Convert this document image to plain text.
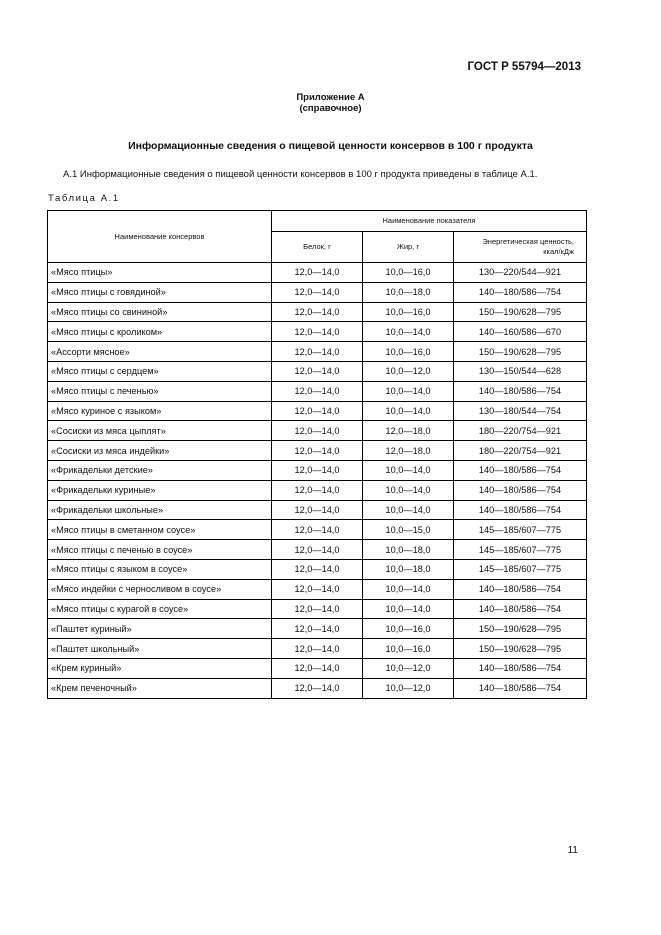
ГОСТ Р 55794—2013
Приложение А
(справочное)
Информационные сведения о пищевой ценности консервов в 100 г продукта
А.1 Информационные сведения о пищевой ценности консервов в 100 г продукта приведены в таблице А.1.
Таблица А.1
Наименование консервов	Наименование показателя		
	Белок, г	Жир, г	Энергетическая ценность,
ккал/кДж
«Мясо птицы»	12,0—14,0	10,0—16,0	130—220/544—921
«Мясо птицы с говядиной»	12,0—14,0	10,0—18,0	140—180/586—754
«Мясо птицы со свининой»	12,0—14,0	10,0—16,0	150—190/628—795
«Мясо птицы с кроликом»	12,0—14,0	10,0—14,0	140—160/586—670
«Ассорти мясное»	12,0—14,0	10,0—16,0	150—190/628—795
«Мясо птицы с сердцем»	12,0—14,0	10,0—12,0	130—150/544—628
«Мясо птицы с печенью»	12,0—14,0	10,0—14,0	140—180/586—754
«Мясо куриное с языком»	12,0—14,0	10,0—14,0	130—180/544—754
«Сосиски из мяса цыплят»	12,0—14,0	12,0—18,0	180—220/754—921
«Сосиски из мяса индейки»	12,0—14,0	12,0—18,0	180—220/754—921
«Фрикадельки детские»	12,0—14,0	10,0—14,0	140—180/586—754
«Фрикадельки куриные»	12,0—14,0	10,0—14,0	140—180/586—754
«Фрикадельки школьные»	12,0—14,0	10,0—14,0	140—180/586—754
«Мясо птицы в сметанном соусе»	12,0—14,0	10,0—15,0	145—185/607—775
«Мясо птицы с печенью в соусе»	12,0—14,0	10,0—18,0	145—185/607—775
«Мясо птицы с языком в соусе»	12,0—14,0	10,0—18,0	145—185/607—775
«Мясо индейки с черносливом в соусе»	12,0—14,0	10,0—14,0	140—180/586—754
«Мясо птицы с курагой в соусе»	12,0—14,0	10,0—14,0	140—180/586—754
«Паштет куриный»	12,0—14,0	10,0—16,0	150—190/628—795
«Паштет школьный»	12,0—14,0	10,0—16,0	150—190/628—795
«Крем куриный»	12,0—14,0	10,0—12,0	140—180/586—754
«Крем печеночный»	12,0—14,0	10,0—12,0	140—180/586—754
11
